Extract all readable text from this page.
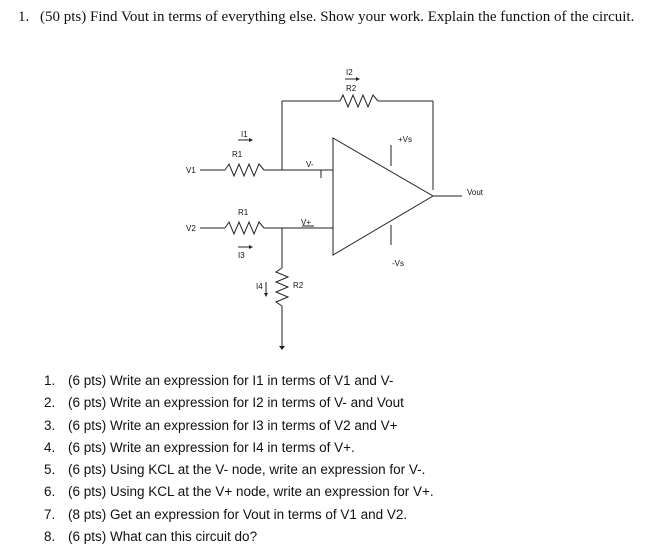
1. (50 pts) Find Vout in terms of everything else. Show your work. Explain the function of the circuit.
I2
R2
I1
R1
V1
V-
+Vs
Vout
R1
V2
V+
I3
-Vs
I4	R2
1. (6 pts) Write an expression for I1 in terms of V1 and V-
2. (6 pts) Write an expression for I2 in terms of V- and Vout
3. (6 pts) Write an expression for I3 in terms of V2 and V+
4. (6 pts) Write an expression for I4 in terms of V+.
5. (6 pts) Using KCL at the V- node, write an expression for V-.
6. (6 pts) Using KCL at the V+ node, write an expression for V+.
7. (8 pts) Get an expression for Vout in terms of V1 and V2.
8. (6 pts) What can this circuit do?
